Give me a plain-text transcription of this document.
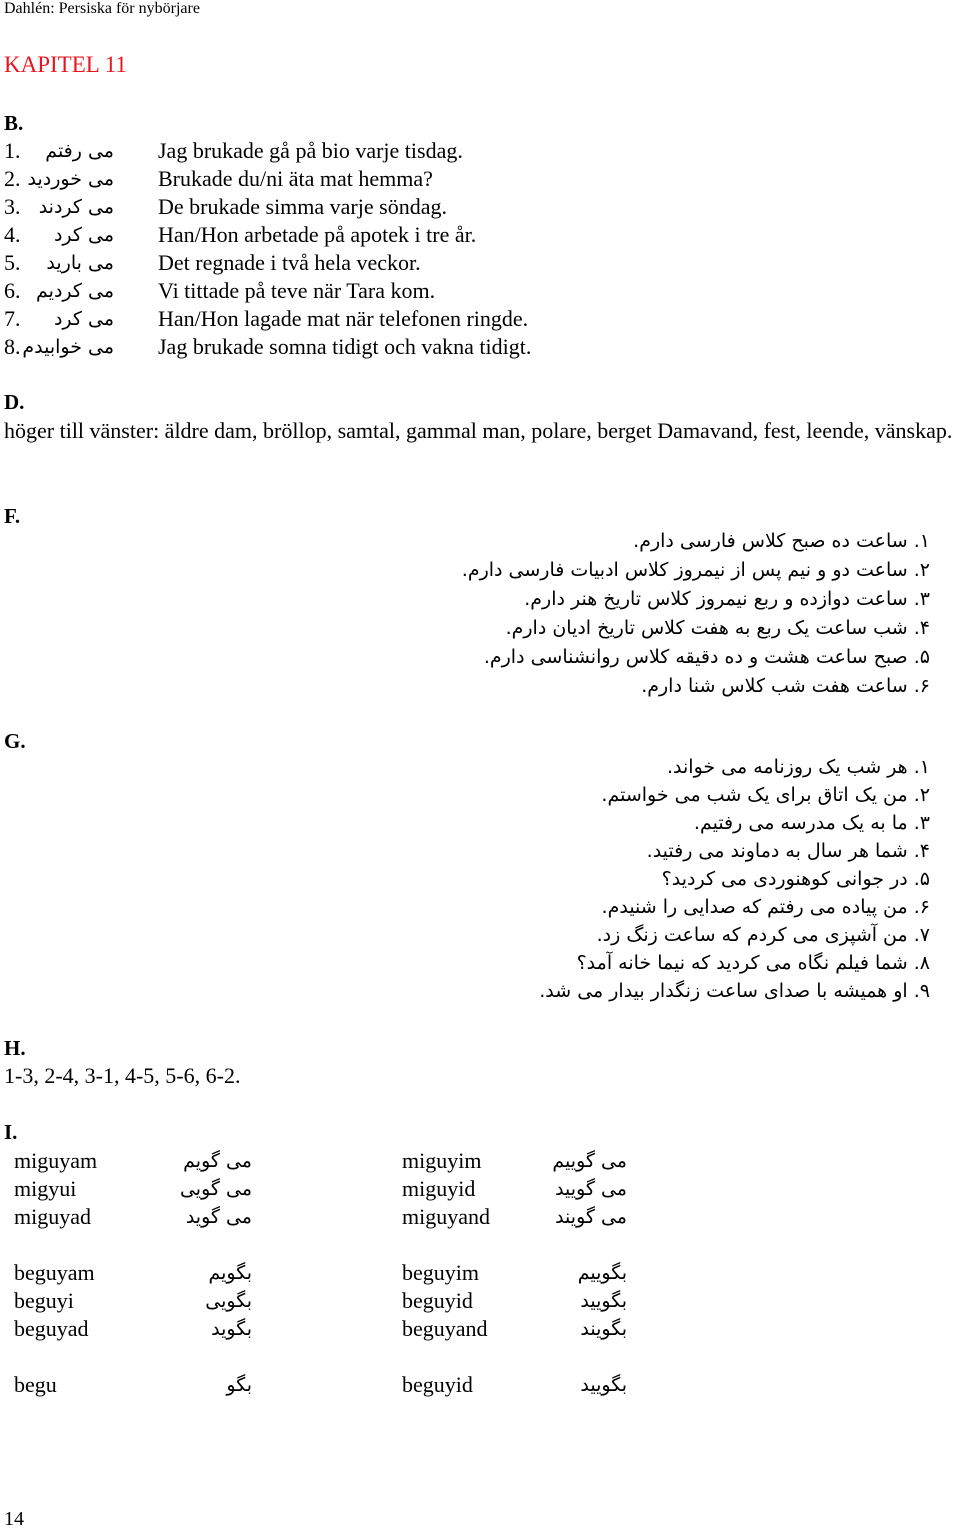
Dahlén: Persiska för nybörjare
KAPITEL 11
B.
1.	می رفتم Jag brukade gå på bio varje tisdag.
2. می خوردید Brukade du/ni äta mat hemma?
3. می کردند De brukade simma varje söndag.
4.	می کرد Han/Hon arbetade på apotek i tre år.
5.	می بارید Det regnade i två hela veckor.
6. می کردیم Vi tittade på teve när Tara kom.
7.	می کرد Han/Hon lagade mat när telefonen ringde.
8. می خوابیدم Jag brukade somna tidigt och vakna tidigt.
D.
höger till vänster: äldre dam, bröllop, samtal, gammal man, polare, berget Damavand, fest, leende, vänskap.
F.
۱. ساعت ده صبح کلاس فارسی دارم.
۲. ساعت دو و نیم پس از نیمروز کلاس ادبیات فارسی دارم.
۳. ساعت دوازده و ربع نیمروز کلاس تاریخ هنر دارم.
۴. شب ساعت یک ربع به هفت کلاس تاریخ ادیان دارم.
۵. صبح ساعت هشت و ده دقیقه کلاس روانشناسی دارم.
۶. ساعت هفت شب کلاس شنا دارم.
G.
۱. هر شب یک روزنامه می خواند.
۲. من یک اتاق برای یک شب می خواستم.
۳. ما به یک مدرسه می رفتیم.
۴. شما هر سال به دماوند می رفتید.
۵. در جوانی کوهنوردی می کردید؟
۶. من پیاده می رفتم که صدایی را شنیدم.
۷. من آشپزی می کردم که ساعت زنگ زد.
۸. شما فیلم نگاه می کردید که نیما خانه آمد؟
۹. او همیشه با صدای ساعت زنگدار بیدار می شد.
H.
1-3, 2-4, 3-1, 4-5, 5-6, 6-2.
I.
miguyam	می گویم	miguyim	می گوییم
migyui	می گویی	miguyid	می گویید
miguyad	می گوید	miguyand	می گویند
beguyam	بگویم	beguyim	بگوییم
beguyi	بگویی	beguyid	بگویید
beguyad	بگوید	beguyand	بگویند
begu	بگو	beguyid	بگویید
14
